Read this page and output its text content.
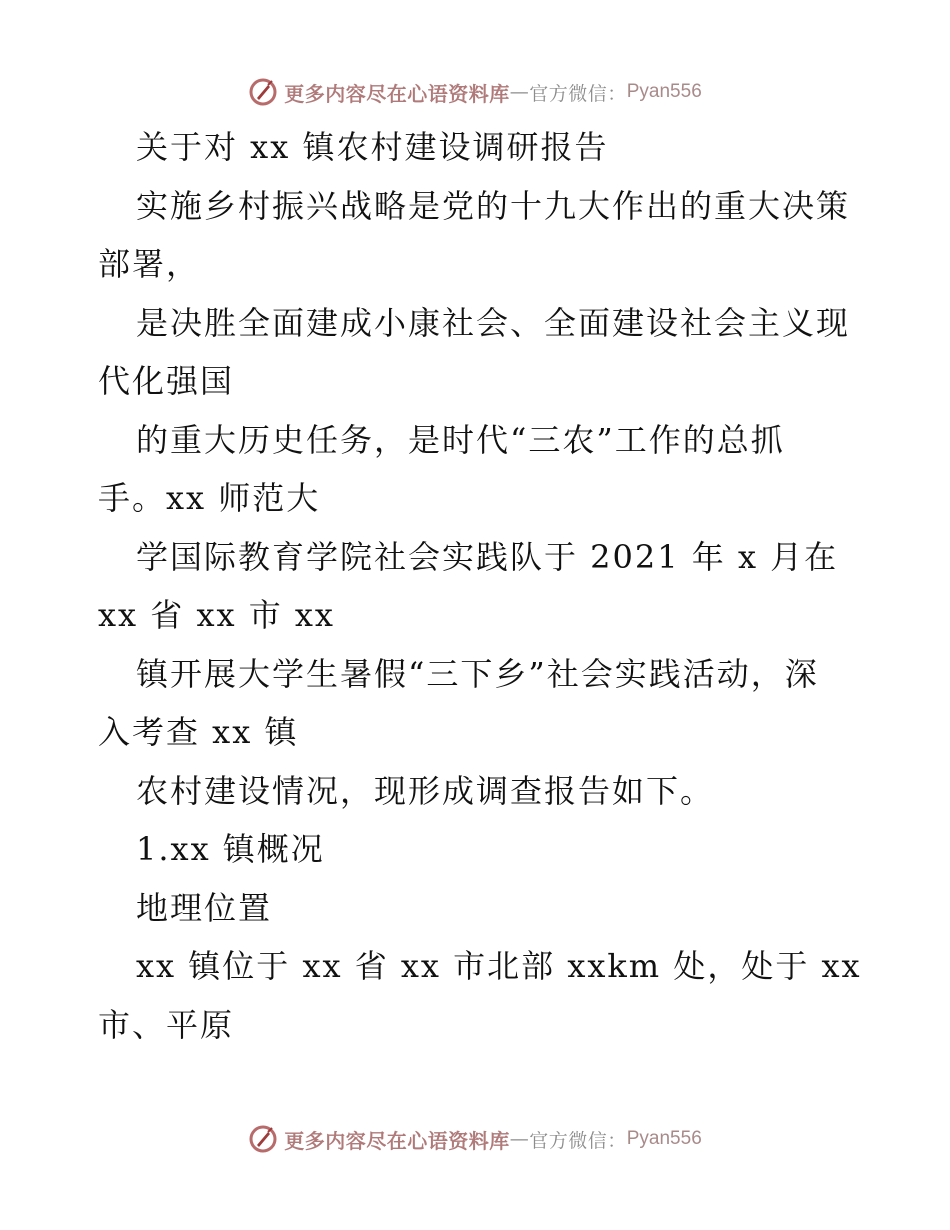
更多内容尽在心语资料库 — 官方微信： Pyan556
关于对 xx 镇农村建设调研报告
实施乡村振兴战略是党的十九大作出的重大决策
部署，
是决胜全面建成小康社会、全面建设社会主义现
代化强国
的重大历史任务，是时代“三农”工作的总抓
手。xx 师范大
学国际教育学院社会实践队于 2021 年 x 月在
xx 省 xx 市 xx
镇开展大学生暑假“三下乡”社会实践活动，深
入考查 xx 镇
农村建设情况，现形成调查报告如下。
1.xx 镇概况
地理位置
xx 镇位于 xx 省 xx 市北部 xxkm 处，处于 xx
市、平原
更多内容尽在心语资料库 — 官方微信： Pyan556
